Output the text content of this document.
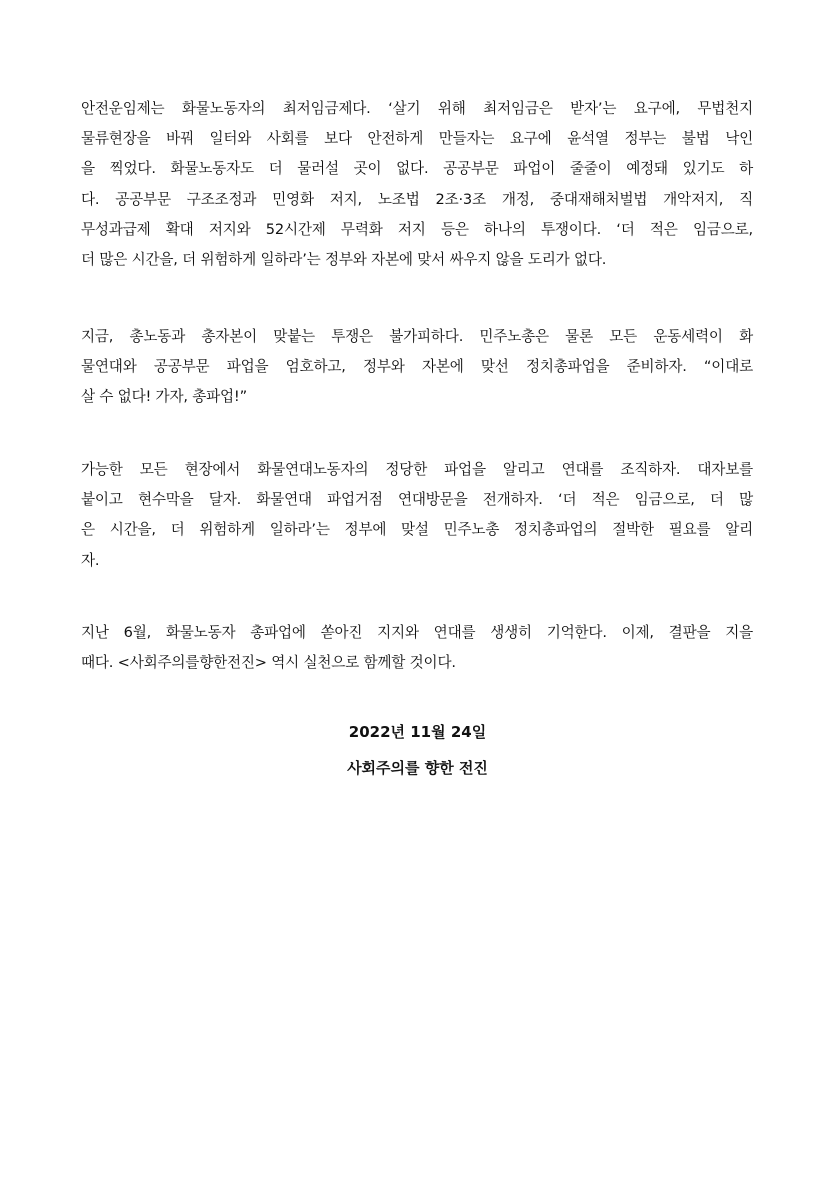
안전운임제는 화물노동자의 최저임금제다. ‘살기 위해 최저임금은 받자’는 요구에, 무법천지
물류현장을 바꿔 일터와 사회를 보다 안전하게 만들자는 요구에 윤석열 정부는 불법 낙인
을 찍었다. 화물노동자도 더 물러설 곳이 없다. 공공부문 파업이 줄줄이 예정돼 있기도 하
다. 공공부문 구조조정과 민영화 저지, 노조법 2조·3조 개정, 중대재해처벌법 개악저지, 직
무성과급제 확대 저지와 52시간제 무력화 저지 등은 하나의 투쟁이다. ‘더 적은 임금으로,
더 많은 시간을, 더 위험하게 일하라’는 정부와 자본에 맞서 싸우지 않을 도리가 없다.
지금, 총노동과 총자본이 맞붙는 투쟁은 불가피하다. 민주노총은 물론 모든 운동세력이 화
물연대와 공공부문 파업을 엄호하고, 정부와 자본에 맞선 정치총파업을 준비하자. “이대로
살 수 없다! 가자, 총파업!”
가능한 모든 현장에서 화물연대노동자의 정당한 파업을 알리고 연대를 조직하자. 대자보를
붙이고 현수막을 달자. 화물연대 파업거점 연대방문을 전개하자. ‘더 적은 임금으로, 더 많
은 시간을, 더 위험하게 일하라’는 정부에 맞설 민주노총 정치총파업의 절박한 필요를 알리
자.
지난 6월, 화물노동자 총파업에 쏟아진 지지와 연대를 생생히 기억한다. 이제, 결판을 지을
때다. <사회주의를향한전진> 역시 실천으로 함께할 것이다.
2022년 11월 24일
사회주의를 향한 전진
